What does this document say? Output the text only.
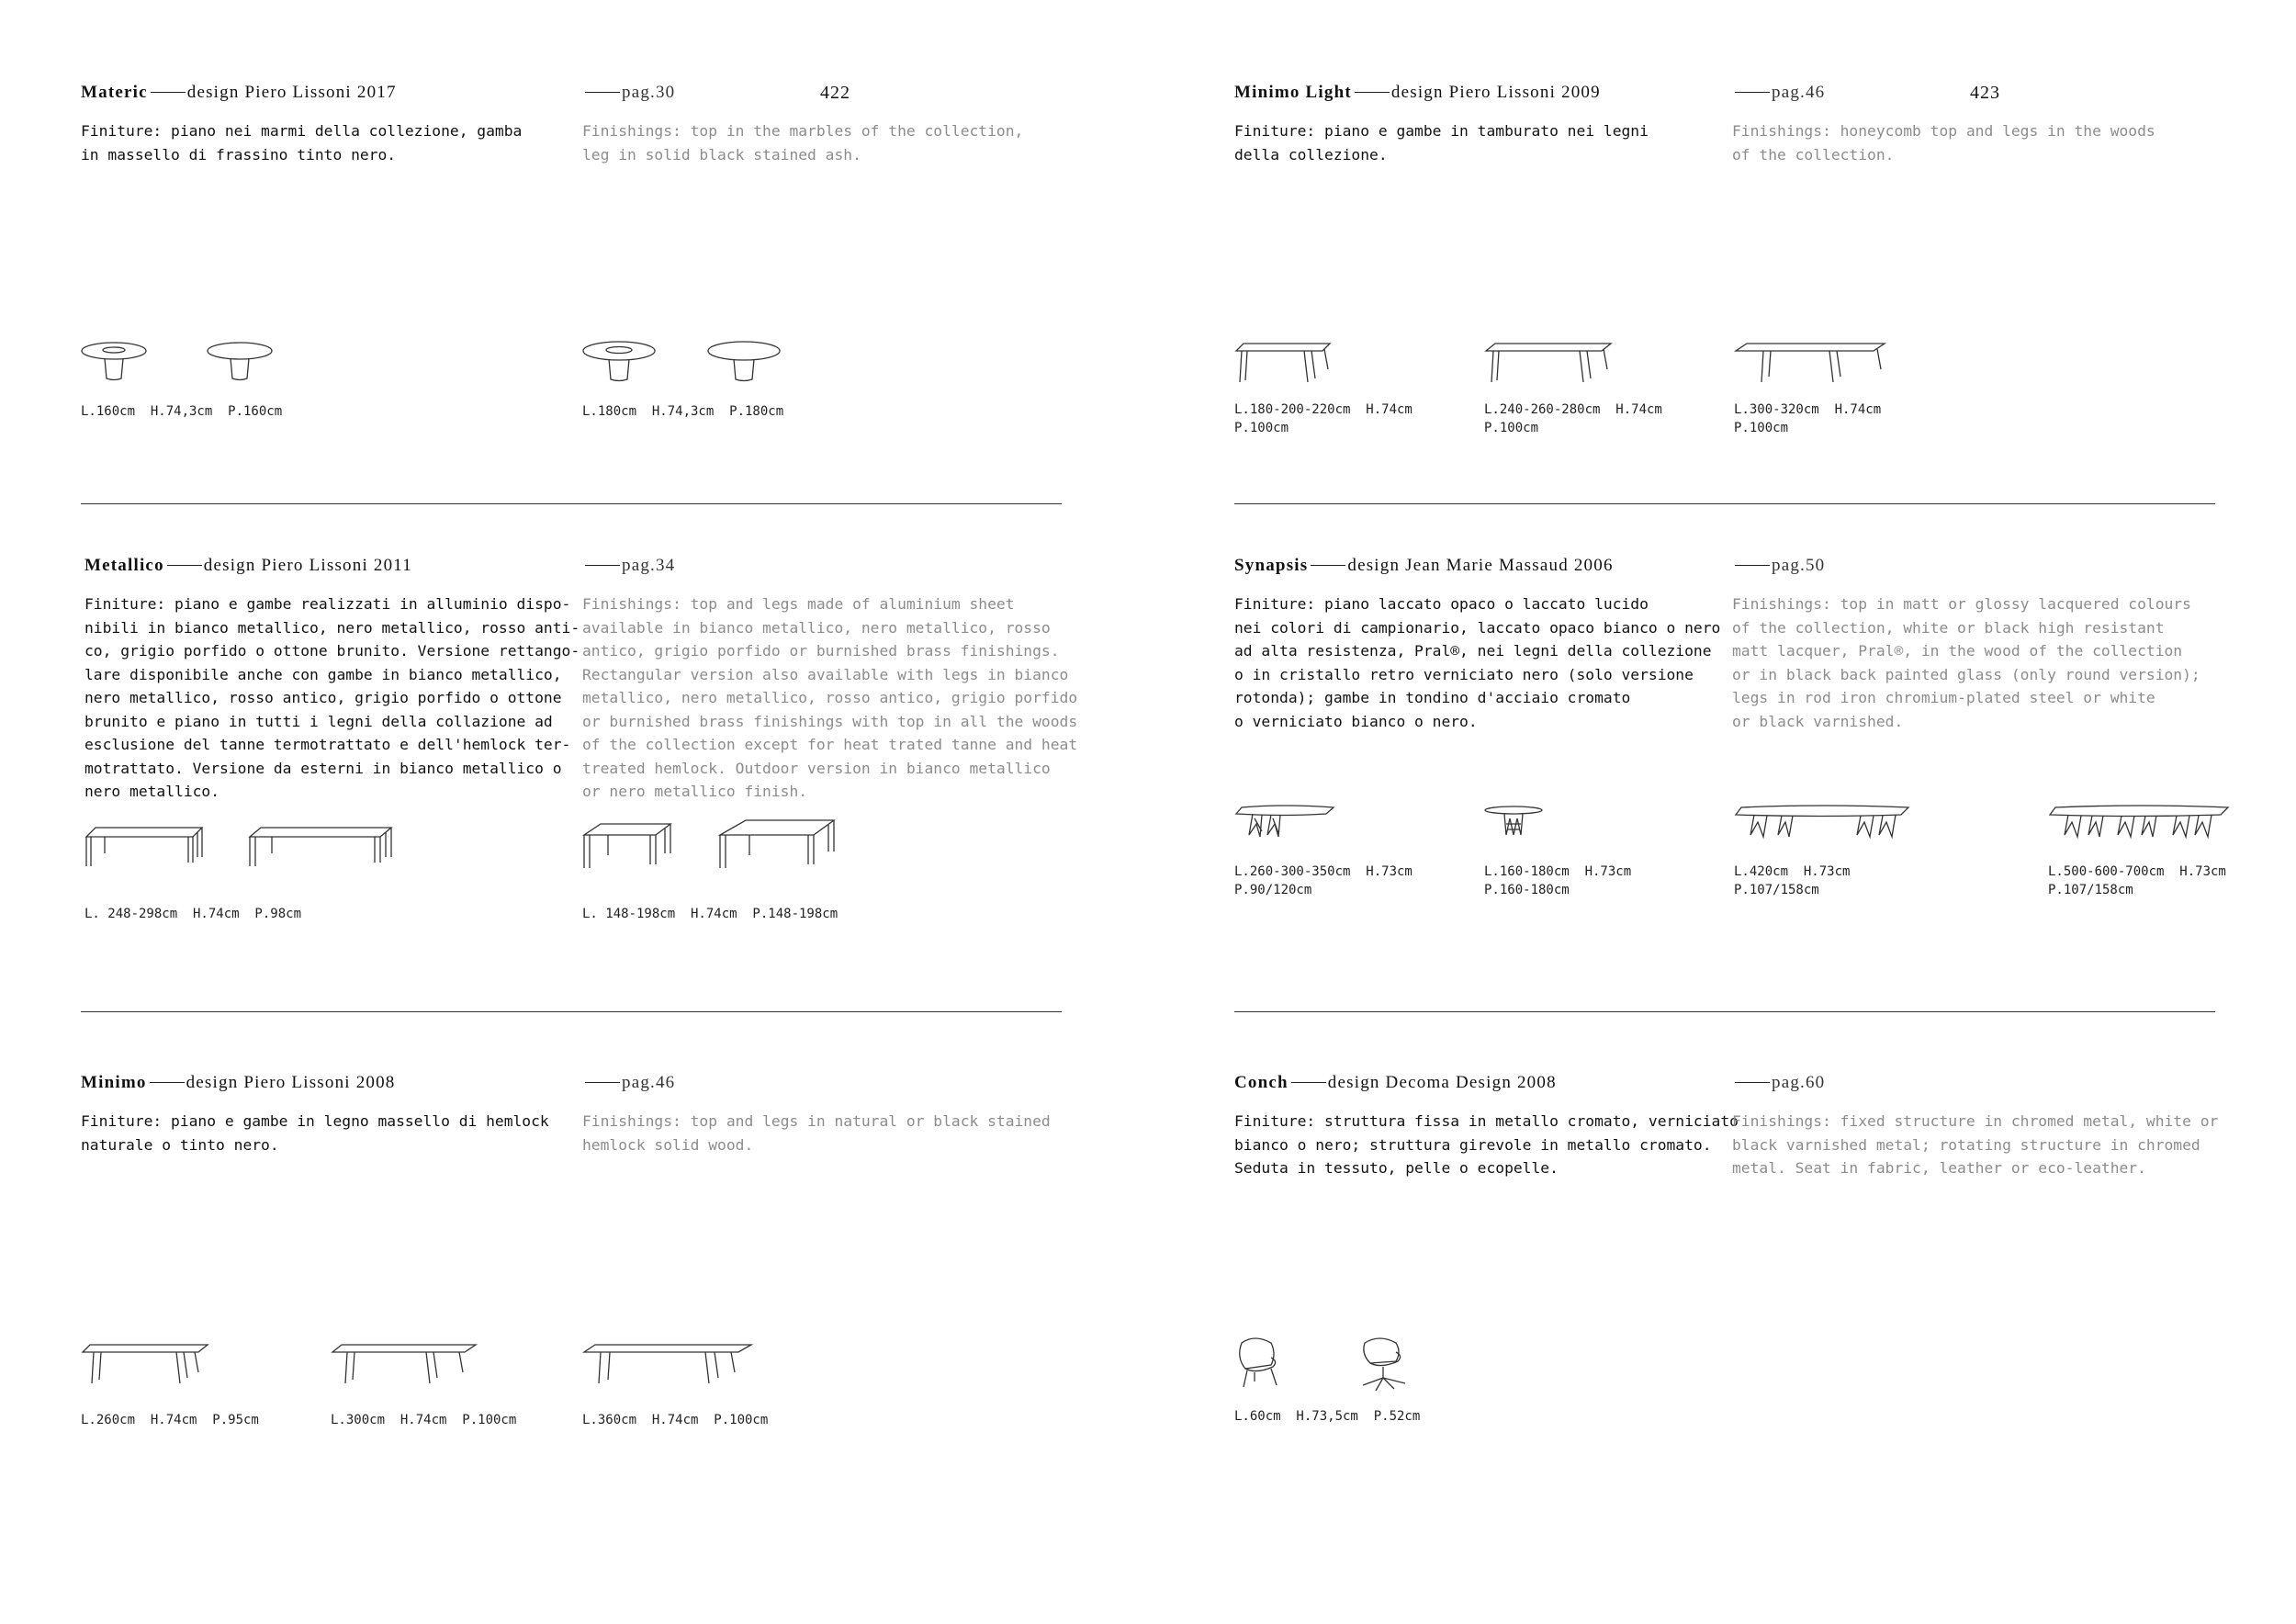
422
Materic design Piero Lissoni 2017	pag.30
Finiture: piano nei marmi della collezione, gamba
in massello di frassino tinto nero.
Finishings: top in the marbles of the collection,
leg in solid black stained ash.
L.160cm  H.74,3cm  P.160cm	L.180cm  H.74,3cm  P.180cm
Metallico design Piero Lissoni 2011	pag.34
Finiture: piano e gambe realizzati in alluminio dispo-
nibili in bianco metallico, nero metallico, rosso anti-
co, grigio porfido o ottone brunito. Versione rettango-
lare disponibile anche con gambe in bianco metallico,
nero metallico, rosso antico, grigio porfido o ottone
brunito e piano in tutti i legni della collazione ad
esclusione del tanne termotrattato e dell'hemlock ter-
motrattato. Versione da esterni in bianco metallico o
nero metallico.
Finishings: top and legs made of aluminium sheet
available in bianco metallico, nero metallico, rosso
antico, grigio porfido or burnished brass finishings.
Rectangular version also available with legs in bianco
metallico, nero metallico, rosso antico, grigio porfido
or burnished brass finishings with top in all the woods
of the collection except for heat trated tanne and heat
treated hemlock. Outdoor version in bianco metallico
or nero metallico finish.
L. 248-298cm  H.74cm  P.98cm	L. 148-198cm  H.74cm  P.148-198cm
Minimo design Piero Lissoni 2008	pag.46
Finiture: piano e gambe in legno massello di hemlock
naturale o tinto nero.
Finishings: top and legs in natural or black stained
hemlock solid wood.
L.260cm  H.74cm  P.95cm	L.300cm  H.74cm  P.100cm	L.360cm  H.74cm  P.100cm
423
Minimo Light design Piero Lissoni 2009	pag.46
Finiture: piano e gambe in tamburato nei legni
della collezione.
Finishings: honeycomb top and legs in the woods
of the collection.
L.180-200-220cm  H.74cm
P.100cm
L.240-260-280cm  H.74cm
P.100cm
L.300-320cm  H.74cm
P.100cm
Synapsis design Jean Marie Massaud 2006	pag.50
Finiture: piano laccato opaco o laccato lucido
nei colori di campionario, laccato opaco bianco o nero
ad alta resistenza, Pral®, nei legni della collezione
o in cristallo retro verniciato nero (solo versione
rotonda); gambe in tondino d'acciaio cromato
o verniciato bianco o nero.
Finishings: top in matt or glossy lacquered colours
of the collection, white or black high resistant
matt lacquer, Pral®, in the wood of the collection
or in black back painted glass (only round version);
legs in rod iron chromium-plated steel or white
or black varnished.
L.260-300-350cm  H.73cm
P.90/120cm
L.160-180cm  H.73cm
P.160-180cm
L.420cm  H.73cm
P.107/158cm
L.500-600-700cm  H.73cm
P.107/158cm
Conch design Decoma Design 2008	pag.60
Finiture: struttura fissa in metallo cromato, verniciato
bianco o nero; struttura girevole in metallo cromato.
Seduta in tessuto, pelle o ecopelle.
Finishings: fixed structure in chromed metal, white or
black varnished metal; rotating structure in chromed
metal. Seat in fabric, leather or eco-leather.
L.60cm  H.73,5cm  P.52cm
